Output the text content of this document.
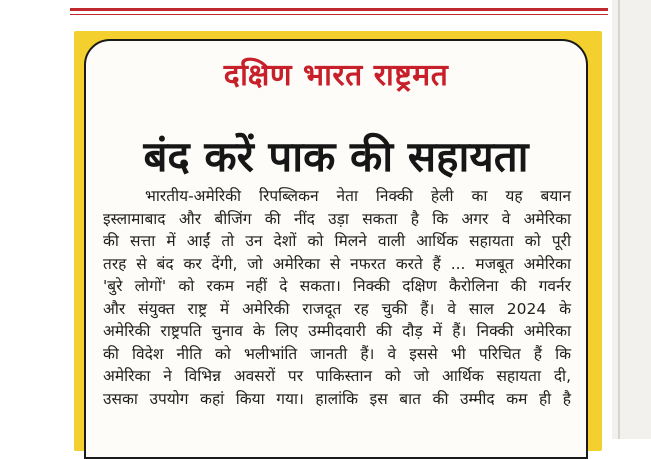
दक्षिण भारत राष्ट्रमत
बंद करें पाक की सहायता
भारतीय-अमेरिकी रिपब्लिकन नेता निक्की हेली का यह बयान
इस्लामाबाद और बीजिंग की नींद उड़ा सकता है कि अगर वे अमेरिका
की सत्ता में आईं तो उन देशों को मिलने वाली आर्थिक सहायता को पूरी
तरह से बंद कर देंगी, जो अमेरिका से नफरत करते हैं ... मजबूत अमेरिका
'बुरे लोगों' को रकम नहीं दे सकता। निक्की दक्षिण कैरोलिना की गवर्नर
और संयुक्त राष्ट्र में अमेरिकी राजदूत रह चुकी हैं। वे साल 2024 के
अमेरिकी राष्ट्रपति चुनाव के लिए उम्मीदवारी की दौड़ में हैं। निक्की अमेरिका
की विदेश नीति को भलीभांति जानती हैं। वे इससे भी परिचित हैं कि
अमेरिका ने विभिन्न अवसरों पर पाकिस्तान को जो आर्थिक सहायता दी,
उसका उपयोग कहां किया गया। हालांकि इस बात की उम्मीद कम ही है
